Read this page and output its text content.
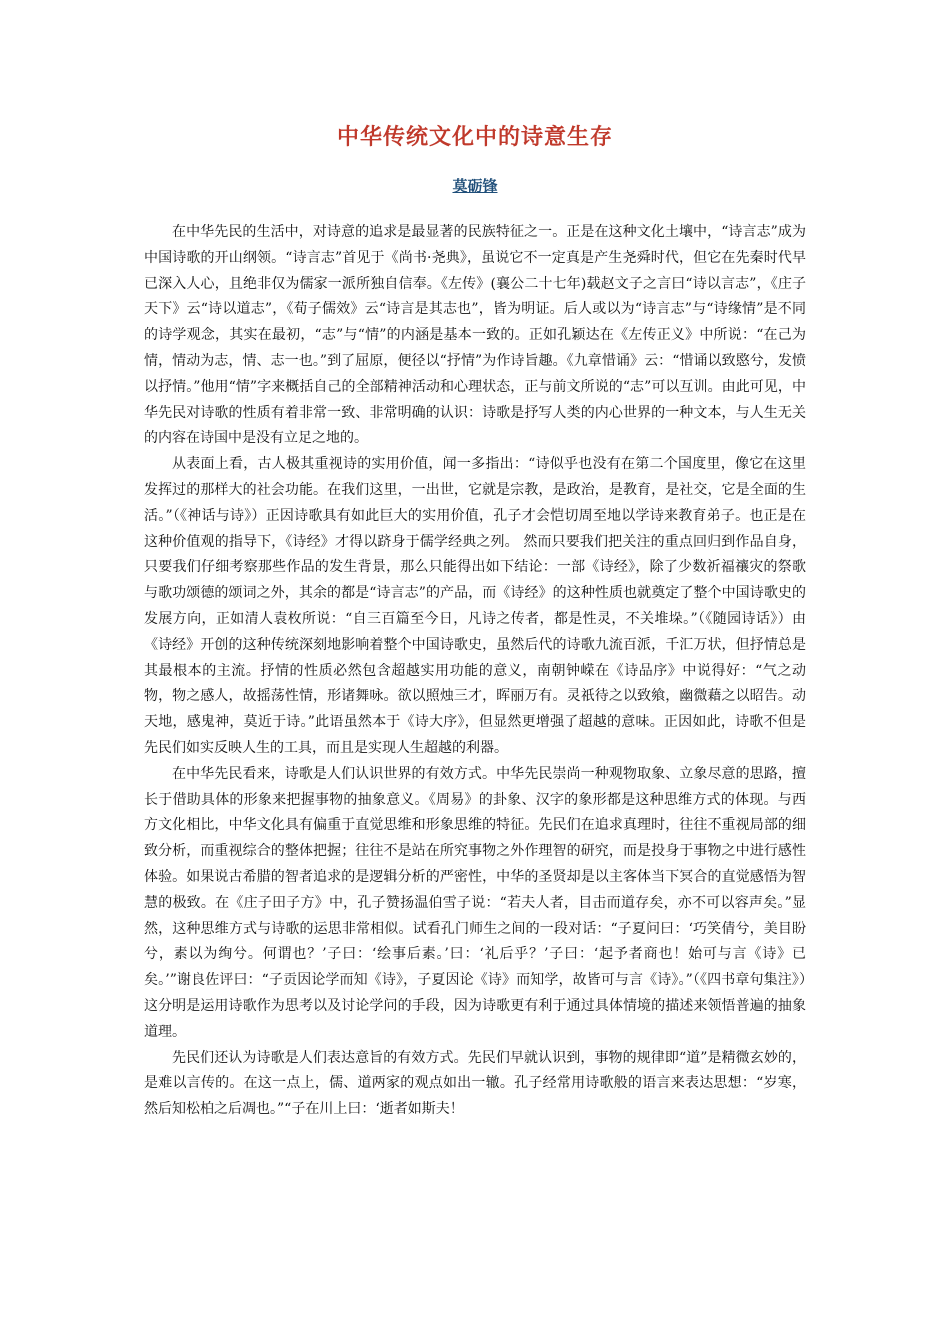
中华传统文化中的诗意生存
莫砺锋

在中华先民的生活中，对诗意的追求是最显著的民族特征之一。正是在这种文化土壤中，“诗言志”成为中国诗歌的开山纲领。“诗言志”首见于《尚书·尧典》，虽说它不一定真是产生尧舜时代，但它在先秦时代早已深入人心，且绝非仅为儒家一派所独自信奉。《左传》(襄公二十七年)载赵文子之言曰“诗以言志”，《庄子天下》云“诗以道志”，《荀子儒效》云“诗言是其志也”，皆为明证。后人或以为“诗言志”与“诗缘情”是不同的诗学观念，其实在最初，“志”与“情”的内涵是基本一致的。正如孔颖达在《左传正义》中所说：“在己为情，情动为志，情、志一也。”到了屈原，便径以“抒情”为作诗旨趣。《九章惜诵》云：“惜诵以致愍兮，发愤以抒情。”他用“情”字来概括自己的全部精神活动和心理状态，正与前文所说的“志”可以互训。由此可见，中华先民对诗歌的性质有着非常一致、非常明确的认识：诗歌是抒写人类的内心世界的一种文本，与人生无关的内容在诗国中是没有立足之地的。

从表面上看，古人极其重视诗的实用价值，闻一多指出：“诗似乎也没有在第二个国度里，像它在这里发挥过的那样大的社会功能。在我们这里，一出世，它就是宗教，是政治，是教育，是社交，它是全面的生活。”（《神话与诗》）正因诗歌具有如此巨大的实用价值，孔子才会恺切周至地以学诗来教育弟子。也正是在这种价值观的指导下，《诗经》才得以跻身于儒学经典之列。 然而只要我们把关注的重点回归到作品自身，只要我们仔细考察那些作品的发生背景，那么只能得出如下结论：一部《诗经》，除了少数祈福禳灾的祭歌与歌功颂德的颂词之外，其余的都是“诗言志”的产品，而《诗经》的这种性质也就奠定了整个中国诗歌史的发展方向，正如清人袁枚所说：“自三百篇至今日，凡诗之传者，都是性灵，不关堆垛。”（《随园诗话》）由《诗经》开创的这种传统深刻地影响着整个中国诗歌史，虽然后代的诗歌九流百派，千汇万状，但抒情总是其最根本的主流。抒情的性质必然包含超越实用功能的意义，南朝钟嵘在《诗品序》中说得好：“气之动物，物之感人，故摇荡性情，形诸舞咏。欲以照烛三才，晖丽万有。灵祇待之以致飨，幽微藉之以昭告。动天地，感鬼神，莫近于诗。”此语虽然本于《诗大序》，但显然更增强了超越的意味。正因如此，诗歌不但是先民们如实反映人生的工具，而且是实现人生超越的利器。

在中华先民看来，诗歌是人们认识世界的有效方式。中华先民崇尚一种观物取象、立象尽意的思路，擅长于借助具体的形象来把握事物的抽象意义。《周易》的卦象、汉字的象形都是这种思维方式的体现。与西方文化相比，中华文化具有偏重于直觉思维和形象思维的特征。先民们在追求真理时，往往不重视局部的细致分析，而重视综合的整体把握；往往不是站在所究事物之外作理智的研究，而是投身于事物之中进行感性体验。如果说古希腊的智者追求的是逻辑分析的严密性，中华的圣贤却是以主客体当下冥合的直觉感悟为智慧的极致。在《庄子田子方》中，孔子赞扬温伯雪子说：“若夫人者，目击而道存矣，亦不可以容声矣。”显然，这种思维方式与诗歌的运思非常相似。试看孔门师生之间的一段对话：“子夏问曰：‘巧笑倩兮，美目盼兮，素以为绚兮。何谓也？’子曰：‘绘事后素。’曰：‘礼后乎？’子曰：‘起予者商也！始可与言《诗》已矣。’”谢良佐评曰：“子贡因论学而知《诗》，子夏因论《诗》而知学，故皆可与言《诗》。”（《四书章句集注》）这分明是运用诗歌作为思考以及讨论学问的手段，因为诗歌更有利于通过具体情境的描述来领悟普遍的抽象道理。

先民们还认为诗歌是人们表达意旨的有效方式。先民们早就认识到，事物的规律即“道”是精微玄妙的，是难以言传的。在这一点上，儒、道两家的观点如出一辙。孔子经常用诗歌般的语言来表达思想：“岁寒，然后知松柏之后凋也。”“子在川上曰：‘逝者如斯夫！
